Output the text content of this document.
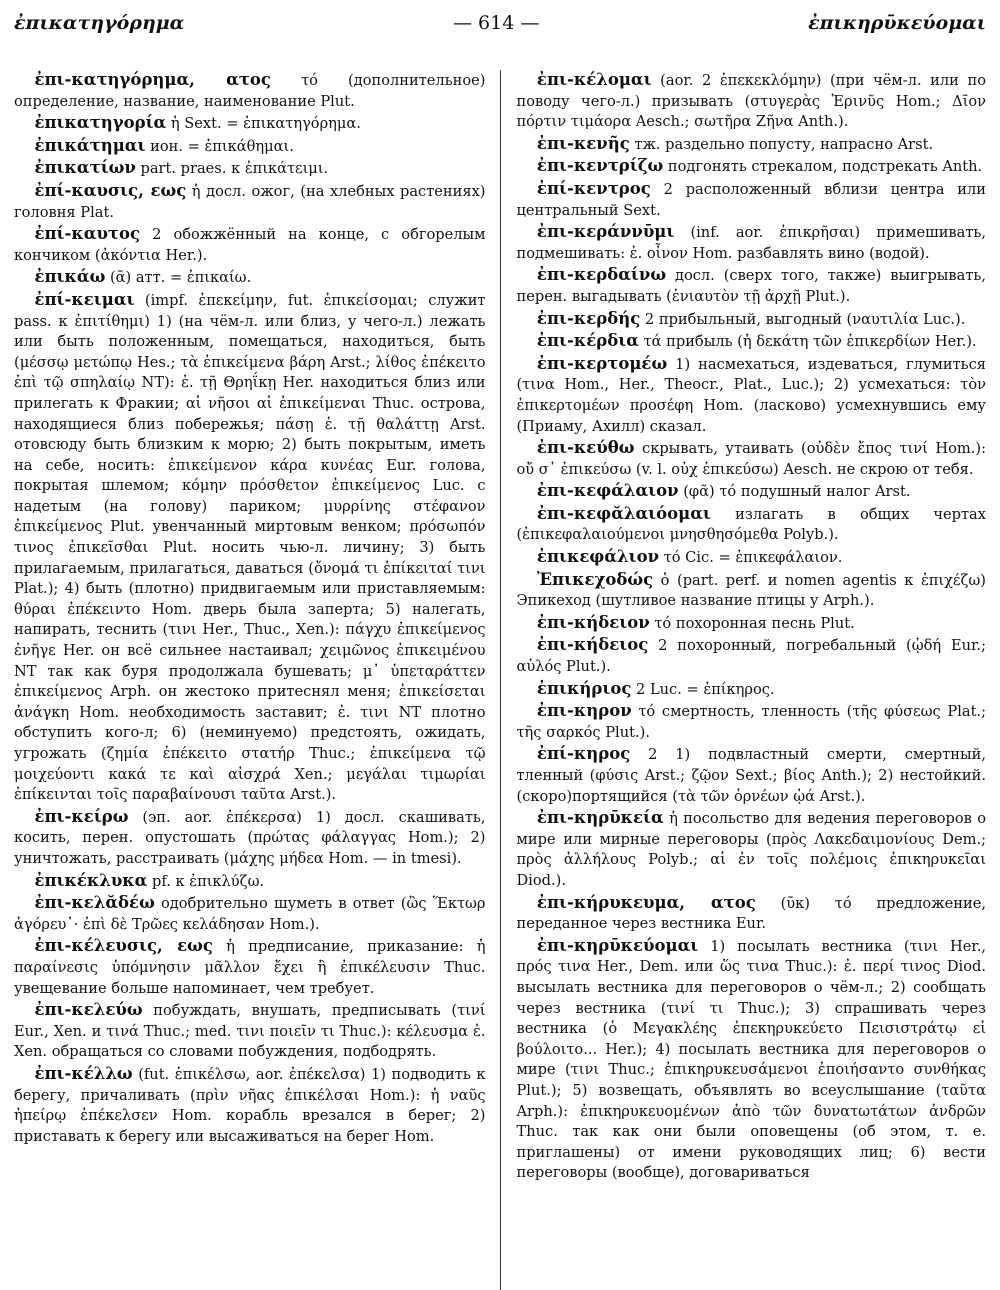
ἐπικατηγόρημα	— 614 —	ἐπικηρῡκεύομαι

ἐπι-κατηγόρημα, ατος τό (дополнительное) определение, название, наименование Plut.

ἐπικατηγορία ἡ Sext. = ἐπικατηγόρημα.

ἐπικάτημαι ион. = ἐπικάθημαι.

ἐπικατίων part. praes. к ἐπικάτειμι.

ἐπί-καυσις, εως ἡ досл. ожог, (на хлебных растениях) головня Plat.

ἐπί-καυτος 2 обожжённый на конце, с обгорелым кончиком (ἀκόντια Her.).

ἐπικάω (ᾱ) атт. = ἐπικαίω.

ἐπί-κειμαι (impf. ἐπεκείμην, fut. ἐπικείσομαι; служит pass. к ἐπιτίθημι) 1) (на чём-л. или близ, у чего-л.) лежать или быть положенным, помещаться, находиться, быть (μέσσῳ μετώπῳ Hes.; τὰ ἐπικείμενα βάρη Arst.; λίθος ἐπέκειτο ἐπὶ τῷ σπηλαίῳ NT): ἐ. τῇ Θρηΐκῃ Her. находиться близ или прилегать к Фракии; αἱ νῆσοι αἱ ἐπικείμεναι Thuc. острова, находящиеся близ побережья; πάσῃ ἐ. τῇ θαλάττῃ Arst. отовсюду быть близким к морю; 2) быть покрытым, иметь на себе, носить: ἐπικείμενον κάρα κυνέας Eur. голова, покрытая шлемом; κόμην πρόσθετον ἐπικείμενος Luc. с надетым (на голову) париком; μυρρίνης στέφανον ἐπικείμενος Plut. увенчанный миртовым венком; πρόσωπόν τινος ἐπικεῖσθαι Plut. носить чью-л. личину; 3) быть прилагаемым, прилагаться, даваться (ὄνομά τι ἐπίκειταί τινι Plat.); 4) быть (плотно) придвигаемым или приставляемым: θύραι ἐπέκειντο Hom. дверь была заперта; 5) налегать, напирать, теснить (τινι Her., Thuc., Xen.): πάγχυ ἐπικείμενος ἐνῆγε Her. он всё сильнее настаивал; χειμῶνος ἐπικειμένου NT так как буря продолжала бушевать; μ᾽ ὑπεταράττεν ἐπικείμενος Arph. он жестоко притеснял меня; ἐπικείσεται ἀνάγκη Hom. необходимость заставит; ἐ. τινι NT плотно обступить кого-л; 6) (неминуемо) предстоять, ожидать, угрожать (ζημία ἐπέκειτο στατήρ Thuc.; ἐπικείμενα τῷ μοιχεύοντι κακά τε καὶ αἰσχρά Xen.; μεγάλαι τιμωρίαι ἐπίκεινται τοῖς παραβαίνουσι ταῦτα Arst.).

ἐπι-κείρω (эп. aor. ἐπέκερσα) 1) досл. скашивать, косить, перен. опустошать (πρώτας φάλαγγας Hom.); 2) уничтожать, расстраивать (μάχης μήδεα Hom. — in tmesi).

ἐπικέκλυκα pf. к ἐπικλύζω.

ἐπι-κελᾰδέω одобрительно шуметь в ответ (ὣς Ἕκτωρ ἀγόρευ᾽· ἐπὶ δὲ Τρῶες κελάδησαν Hom.).

ἐπι-κέλευσις, εως ἡ предписание, приказание: ἡ παραίνεσις ὑπόμνησιν μᾶλλον ἔχει ἢ ἐπικέλευσιν Thuc. увещевание больше напоминает, чем требует.

ἐπι-κελεύω побуждать, внушать, предписывать (τινί Eur., Xen. и τινά Thuc.; med. τινι ποιεῖν τι Thuc.): κέλευσμα ἐ. Xen. обращаться со словами побуждения, подбодрять.

ἐπι-κέλλω (fut. ἐπικέλσω, aor. ἐπέκελσα) 1) подводить к берегу, причаливать (πρὶν νῆας ἐπικέλσαι Hom.): ἡ ναῦς ἠπείρῳ ἐπέκελσεν Hom. корабль врезался в берег; 2) приставать к берегу или высаживаться на берег Hom.

ἐπι-κέλομαι (aor. 2 ἐπεκεκλόμην) (при чём-л. или по поводу чего-л.) призывать (στυγερὰς Ἐρινῦς Hom.; Δῖον πόρτιν τιμάορα Aesch.; σωτῆρα Ζῆνα Anth.).

ἐπι-κενῆς тж. раздельно попусту, напрасно Arst.

ἐπι-κεντρίζω подгонять стрекалом, подстрекать Anth.

ἐπί-κεντρος 2 расположенный вблизи центра или центральный Sext.

ἐπι-κεράννῡμι (inf. aor. ἐπικρῆσαι) примешивать, подмешивать: ἐ. οἶνον Hom. разбавлять вино (водой).

ἐπι-κερδαίνω досл. (сверх того, также) выигрывать, перен. выгадывать (ἐνιαυτὸν τῇ ἀρχῇ Plut.).

ἐπι-κερδής 2 прибыльный, выгодный (ναυτιλία Luc.).

ἐπι-κέρδια τά прибыль (ἡ δεκάτη τῶν ἐπικερδίων Her.).

ἐπι-κερτομέω 1) насмехаться, издеваться, глумиться (τινα Hom., Her., Theocr., Plat., Luc.); 2) усмехаться: τὸν ἐπικερτομέων προσέφη Hom. (ласково) усмехнувшись ему (Приаму, Ахилл) сказал.

ἐπι-κεύθω скрывать, утаивать (οὐδὲν ἔπος τινί Hom.): οὔ σ᾽ ἐπικεύσω (v. l. οὐχ ἐπικεύσω) Aesch. не скрою от тебя.

ἐπι-κεφάλαιον (φᾶ) τό подушный налог Arst.

ἐπι-κεφᾰλαιόομαι излагать в общих чертах (ἐπικεφαλαιούμενοι μνησθησόμεθα Polyb.).

ἐπικεφάλιον τό Cic. = ἐπικεφάλαιον.

Ἐπικεχοδώς ὁ (part. perf. и nomen agentis к ἐπιχέζω) Эпикеход (шутливое название птицы у Arph.).

ἐπι-κήδειον τό похоронная песнь Plut.

ἐπι-κήδειος 2 похоронный, погребальный (ᾠδή Eur.; αὐλός Plut.).

ἐπικήριος 2 Luc. = ἐπίκηρος.

ἐπι-κηρον τό смертность, тленность (τῆς φύσεως Plat.; τῆς σαρκός Plut.).

ἐπί-κηρος 2 1) подвластный смерти, смертный, тленный (φύσις Arst.; ζῷον Sext.; βίος Anth.); 2) нестойкий. (скоро)портящийся (τὰ τῶν ὀρνέων ᾠά Arst.).

ἐπι-κηρῡκεία ἡ посольство для ведения переговоров о мире или мирные переговоры (πρὸς Λακεδαιμονίους Dem.; πρὸς ἀλλήλους Polyb.; αἱ ἐν τοῖς πολέμοις ἐπικηρυκεῖαι Diod.).

ἐπι-κήρυκευμα, ατος (ῡκ) τό предложение, переданное через вестника Eur.

ἐπι-κηρῡκεύομαι 1) посылать вестника (τινι Her., πρός τινα Her., Dem. или ὥς τινα Thuc.): ἐ. περί τινος Diod. высылать вестника для переговоров о чём-л.; 2) сообщать через вестника (τινί τι Thuc.); 3) спрашивать через вестника (ὁ Μεγακλέης ἐπεκηρυκεύετο Πεισιστράτῳ εἰ βούλοιτο... Her.); 4) посылать вестника для переговоров о мире (τινι Thuc.; ἐπικηρυκευσάμενοι ἐποιήσαντο συνθήκας Plut.); 5) возвещать, объявлять во всеуслышание (ταῦτα Arph.): ἐπικηρυκευομένων ἀπὸ τῶν δυνατωτάτων ἀνδρῶν Thuc. так как они были оповещены (об этом, т. е. приглашены) от имени руководящих лиц; 6) вести переговоры (вообще), договариваться
